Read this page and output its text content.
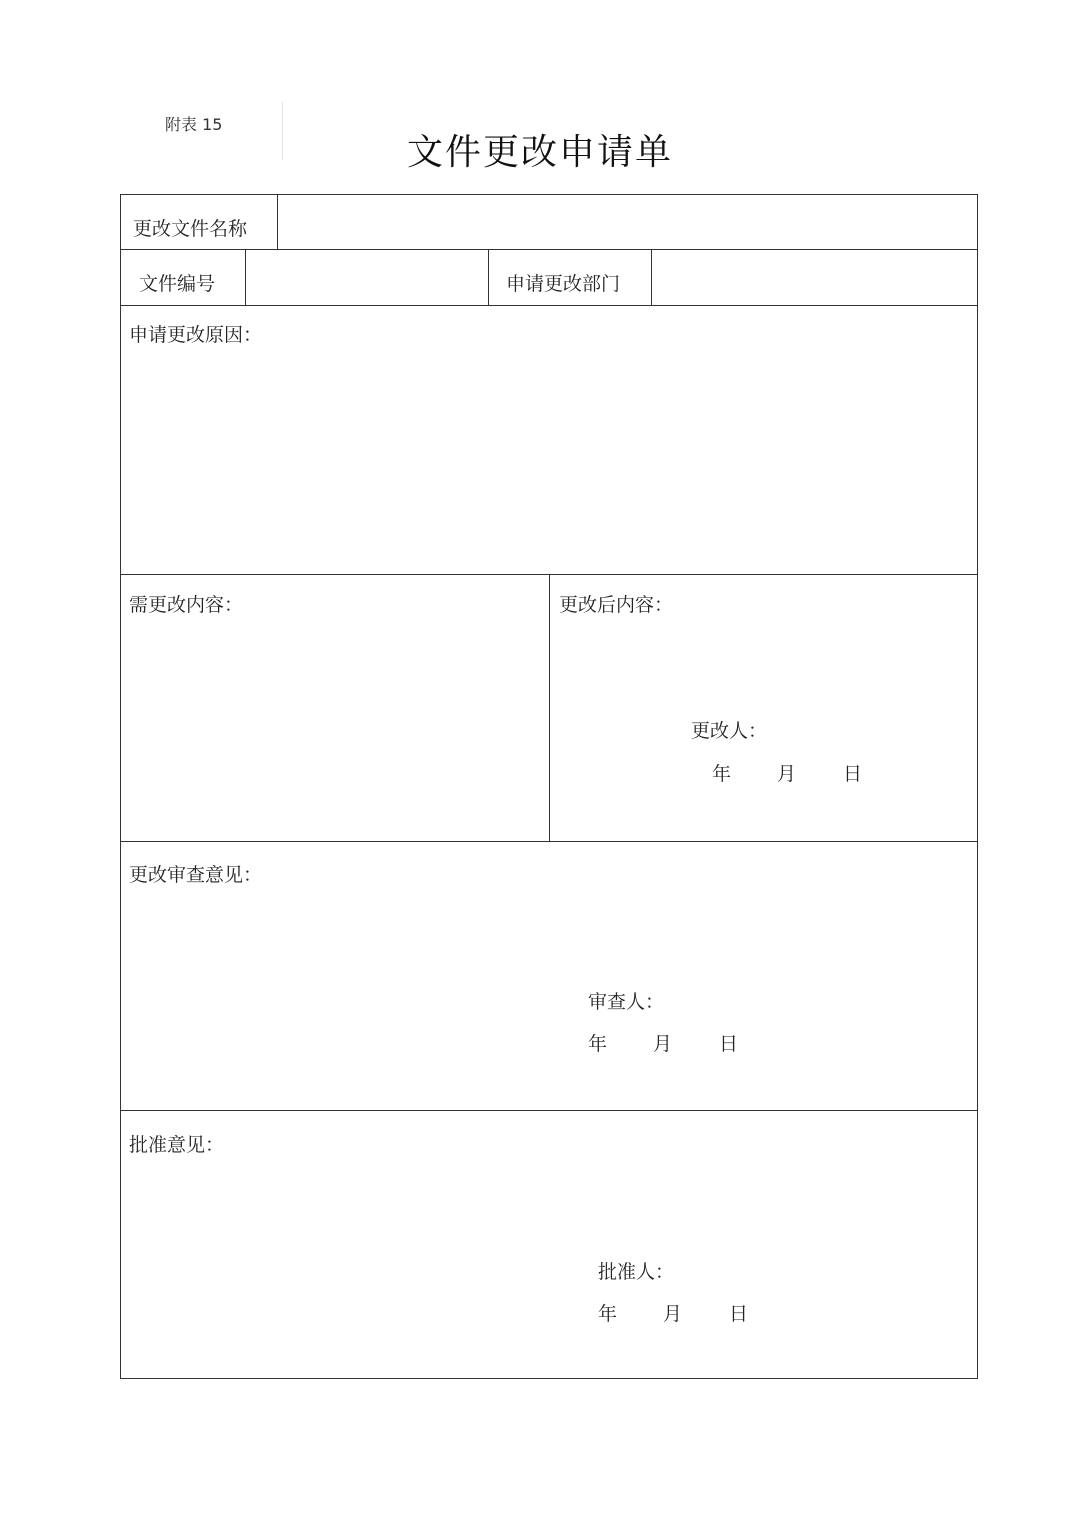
附表 15
文件更改申请单
更改文件名称
文件编号	申请更改部门
申请更改原因：
需更改内容：	更改后内容：
更改人：
年 月 日
更改审查意见：
审查人：
年 月 日
批准意见：
批准人：
年 月 日
